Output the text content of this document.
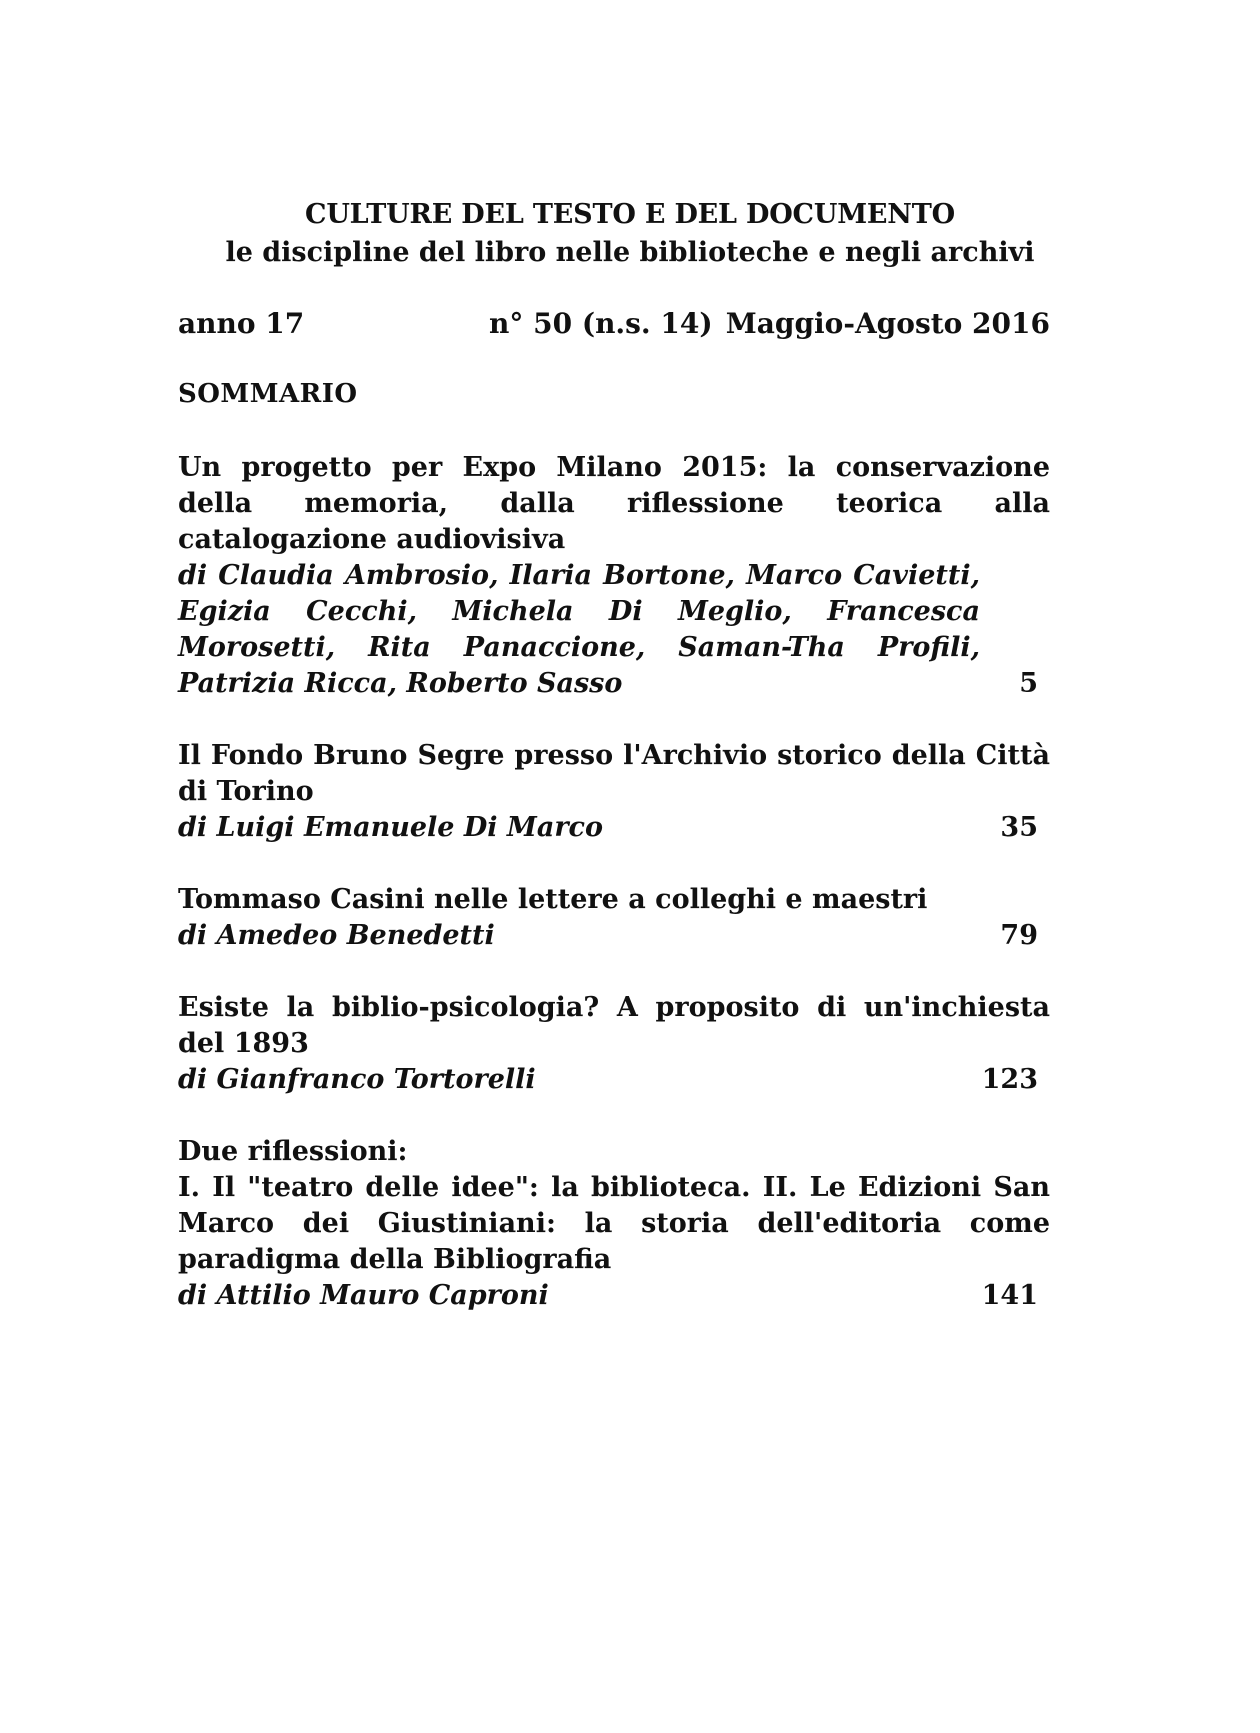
CULTURE DEL TESTO E DEL DOCUMENTO
le discipline del libro nelle biblioteche e negli archivi
anno 17	n° 50 (n.s. 14) Maggio-Agosto 2016
SOMMARIO
Un progetto per Expo Milano 2015: la conservazione della memoria, dalla riflessione teorica alla catalogazione audiovisiva
di Claudia Ambrosio, Ilaria Bortone, Marco Cavietti, Egizia Cecchi, Michela Di Meglio, Francesca Morosetti, Rita Panaccione, Saman-Tha Profili, Patrizia Ricca, Roberto Sasso	5
Il Fondo Bruno Segre presso l'Archivio storico della Città di Torino
di Luigi Emanuele Di Marco	35
Tommaso Casini nelle lettere a colleghi e maestri
di Amedeo Benedetti	79
Esiste la biblio-psicologia? A proposito di un'inchiesta del 1893
di Gianfranco Tortorelli	123
Due riflessioni:
I. Il "teatro delle idee": la biblioteca. II. Le Edizioni San Marco dei Giustiniani: la storia dell'editoria come paradigma della Bibliografia
di Attilio Mauro Caproni	141
